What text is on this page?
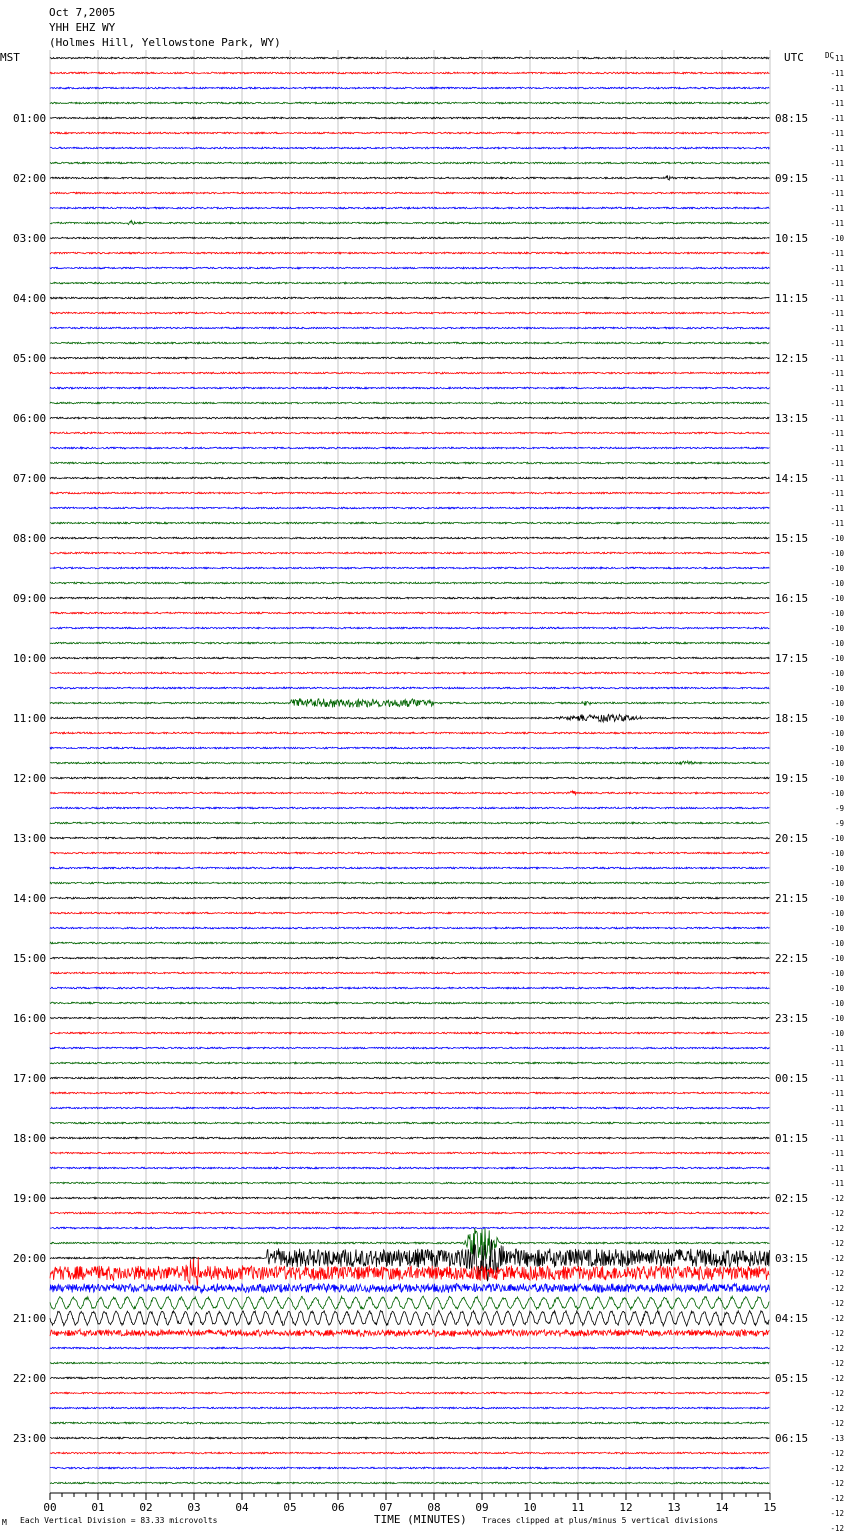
Oct 7,2005
YHH EHZ WY
(Holmes Hill, Yellowstone Park, WY)
MST	UTC	DC
01:00
02:00
03:00
04:00
05:00
06:00
07:00
08:00
09:00
10:00
11:00
12:00
13:00
14:00
15:00
16:00
17:00
18:00
19:00
20:00
21:00
22:00
23:00
08:15
09:15
10:15
11:15
12:15
13:15
14:15
15:15
16:15
17:15
18:15
19:15
20:15
21:15
22:15
23:15
00:15
01:15
02:15
03:15
04:15
05:15
06:15
-11
-11
-11
-11
-11
-11
-11
-11
-11
-11
-11
-11
-10
-11
-11
-11
-11
-11
-11
-11
-11
-11
-11
-11
-11
-11
-11
-11
-11
-11
-11
-11
-10
-10
-10
-10
-10
-10
-10
-10
-10
-10
-10
-10
-10
-10
-10
-10
-10
-10
-9
-9
-10
-10
-10
-10
-10
-10
-10
-10
-10
-10
-10
-10
-10
-10
-11
-11
-11
-11
-11
-11
-11
-11
-11
-11
-12
-12
-12
-12
-12
-12
-12
-12
-12
-12
-12
-12
-12
-12
-12
-12
-13
-12
-12
-12
-12
-12
-12
00	01	02	03	04	05	06	07	08	09	10	11	12	13	14	15
M Each Vertical Division = 83.33 microvolts	TIME (MINUTES) Traces clipped at plus/minus 5 vertical divisions
